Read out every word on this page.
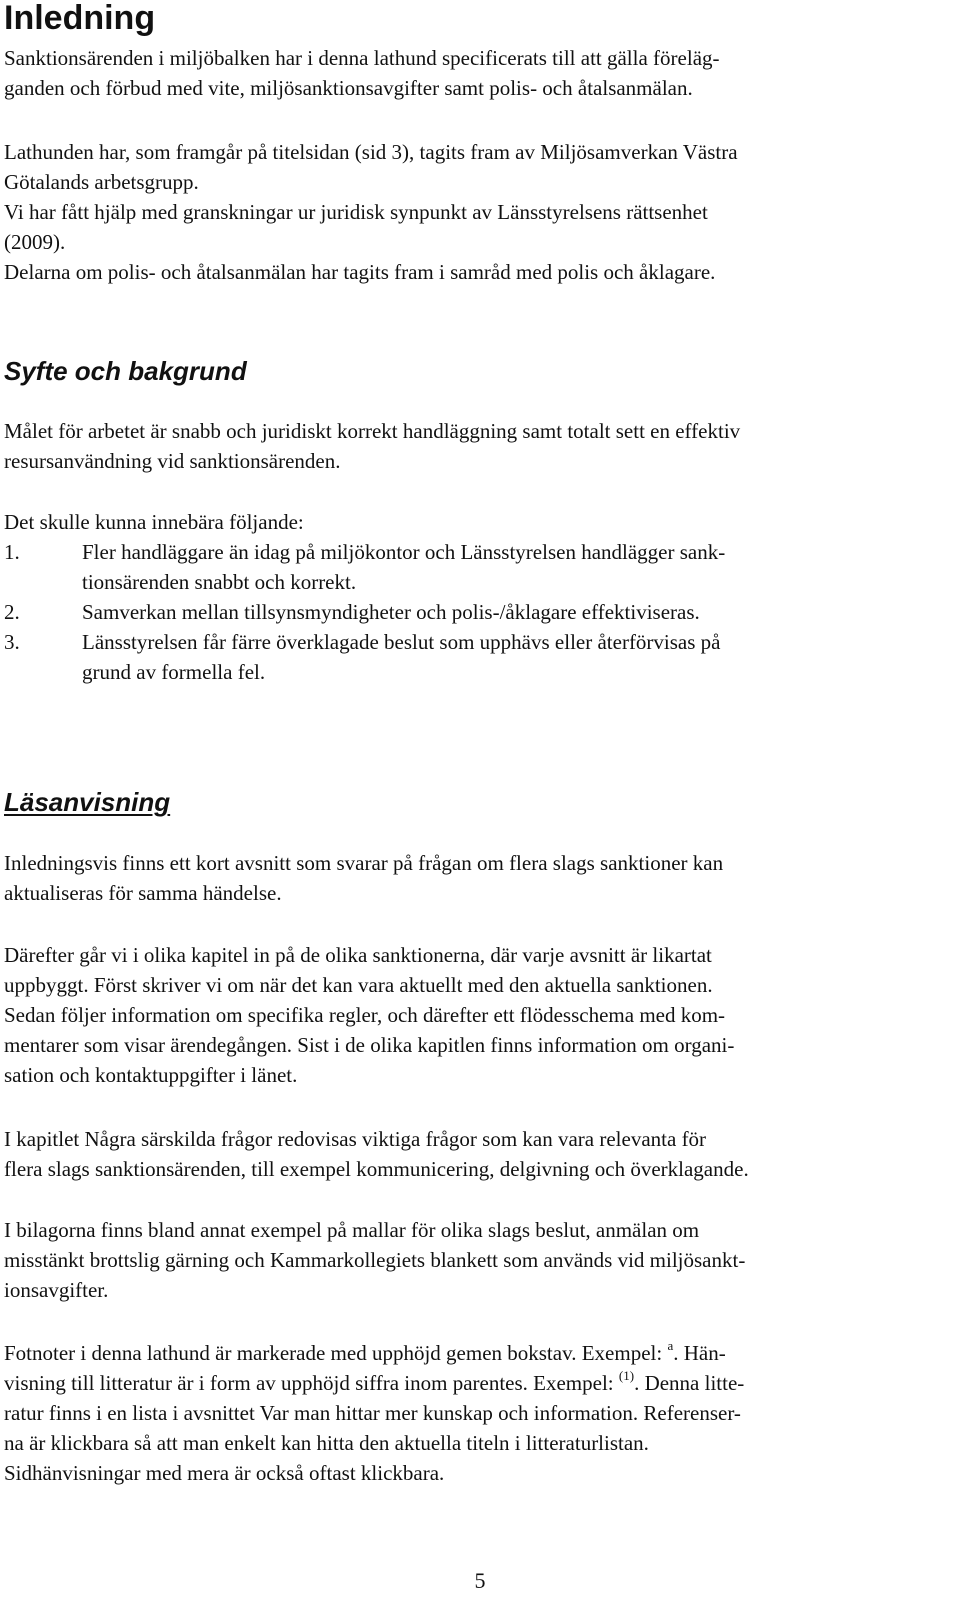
Inledning
Sanktionsärenden i miljöbalken har i denna lathund specificerats till att gälla föreläg-
ganden och förbud med vite, miljösanktionsavgifter samt polis- och åtalsanmälan.
Lathunden har, som framgår på titelsidan (sid 3), tagits fram av Miljösamverkan Västra
Götalands arbetsgrupp.
Vi har fått hjälp med granskningar ur juridisk synpunkt av Länsstyrelsens rättsenhet
(2009).
Delarna om polis- och åtalsanmälan har tagits fram i samråd med polis och åklagare.
Syfte och bakgrund
Målet för arbetet är snabb och juridiskt korrekt handläggning samt totalt sett en effektiv
resursanvändning vid sanktionsärenden.
Det skulle kunna innebära följande:
1.	Fler handläggare än idag på miljökontor och Länsstyrelsen handlägger sank-
tionsärenden snabbt och korrekt.
2.	Samverkan mellan tillsynsmyndigheter och polis-/åklagare effektiviseras.
3.	Länsstyrelsen får färre överklagade beslut som upphävs eller återförvisas på
grund av formella fel.
Läsanvisning
Inledningsvis finns ett kort avsnitt som svarar på frågan om flera slags sanktioner kan
aktualiseras för samma händelse.
Därefter går vi i olika kapitel in på de olika sanktionerna, där varje avsnitt är likartat
uppbyggt. Först skriver vi om när det kan vara aktuellt med den aktuella sanktionen.
Sedan följer information om specifika regler, och därefter ett flödesschema med kom-
mentarer som visar ärendegången. Sist i de olika kapitlen finns information om organi-
sation och kontaktuppgifter i länet.
I kapitlet Några särskilda frågor redovisas viktiga frågor som kan vara relevanta för
flera slags sanktionsärenden, till exempel kommunicering, delgivning och överklagande.
I bilagorna finns bland annat exempel på mallar för olika slags beslut, anmälan om
misstänkt brottslig gärning och Kammarkollegiets blankett som används vid miljösankt-
ionsavgifter.
Fotnoter i denna lathund är markerade med upphöjd gemen bokstav. Exempel: $^a$. Hän-
visning till litteratur är i form av upphöjd siffra inom parentes. Exempel: $^{(1)}$. Denna litte-
ratur finns i en lista i avsnittet Var man hittar mer kunskap och information. Referenser-
na är klickbara så att man enkelt kan hitta den aktuella titeln i litteraturlistan.
Sidhänvisningar med mera är också oftast klickbara.
5
